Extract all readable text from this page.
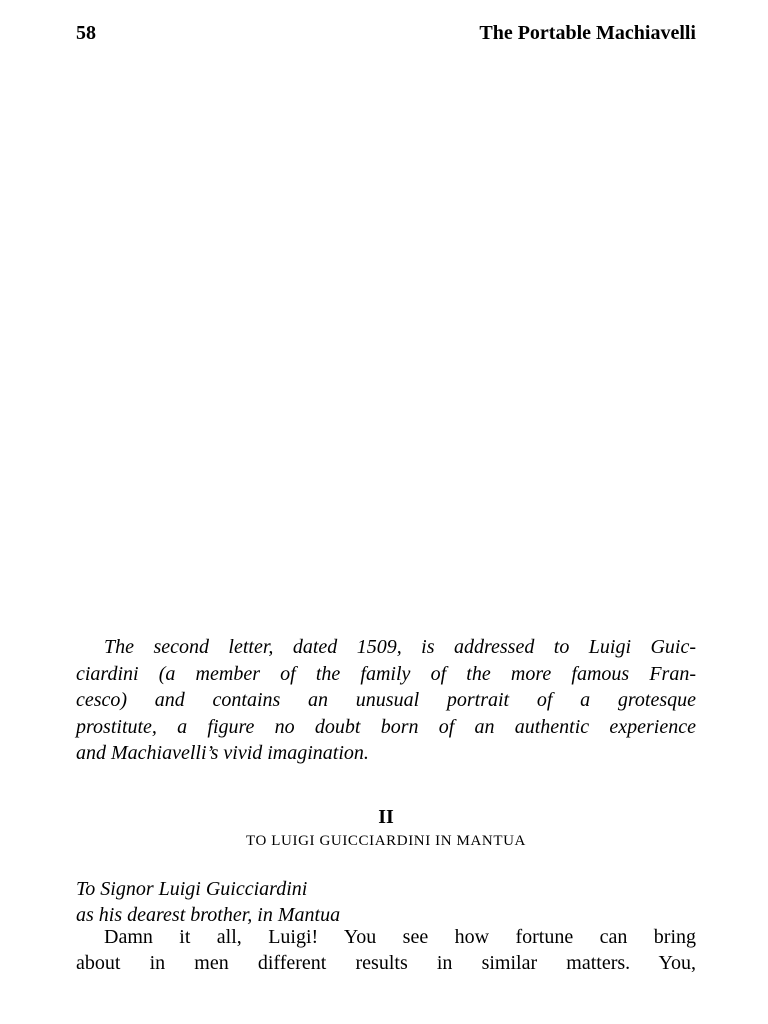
58	The Portable Machiavelli
The second letter, dated 1509, is addressed to Luigi Guic-
ciardini (a member of the family of the more famous Fran-
cesco) and contains an unusual portrait of a grotesque
prostitute, a figure no doubt born of an authentic experience
and Machiavelli’s vivid imagination.
II
TO LUIGI GUICCIARDINI IN MANTUA
To Signor Luigi Guicciardini
as his dearest brother, in Mantua
Damn it all, Luigi! You see how fortune can bring
about in men different results in similar matters. You,
